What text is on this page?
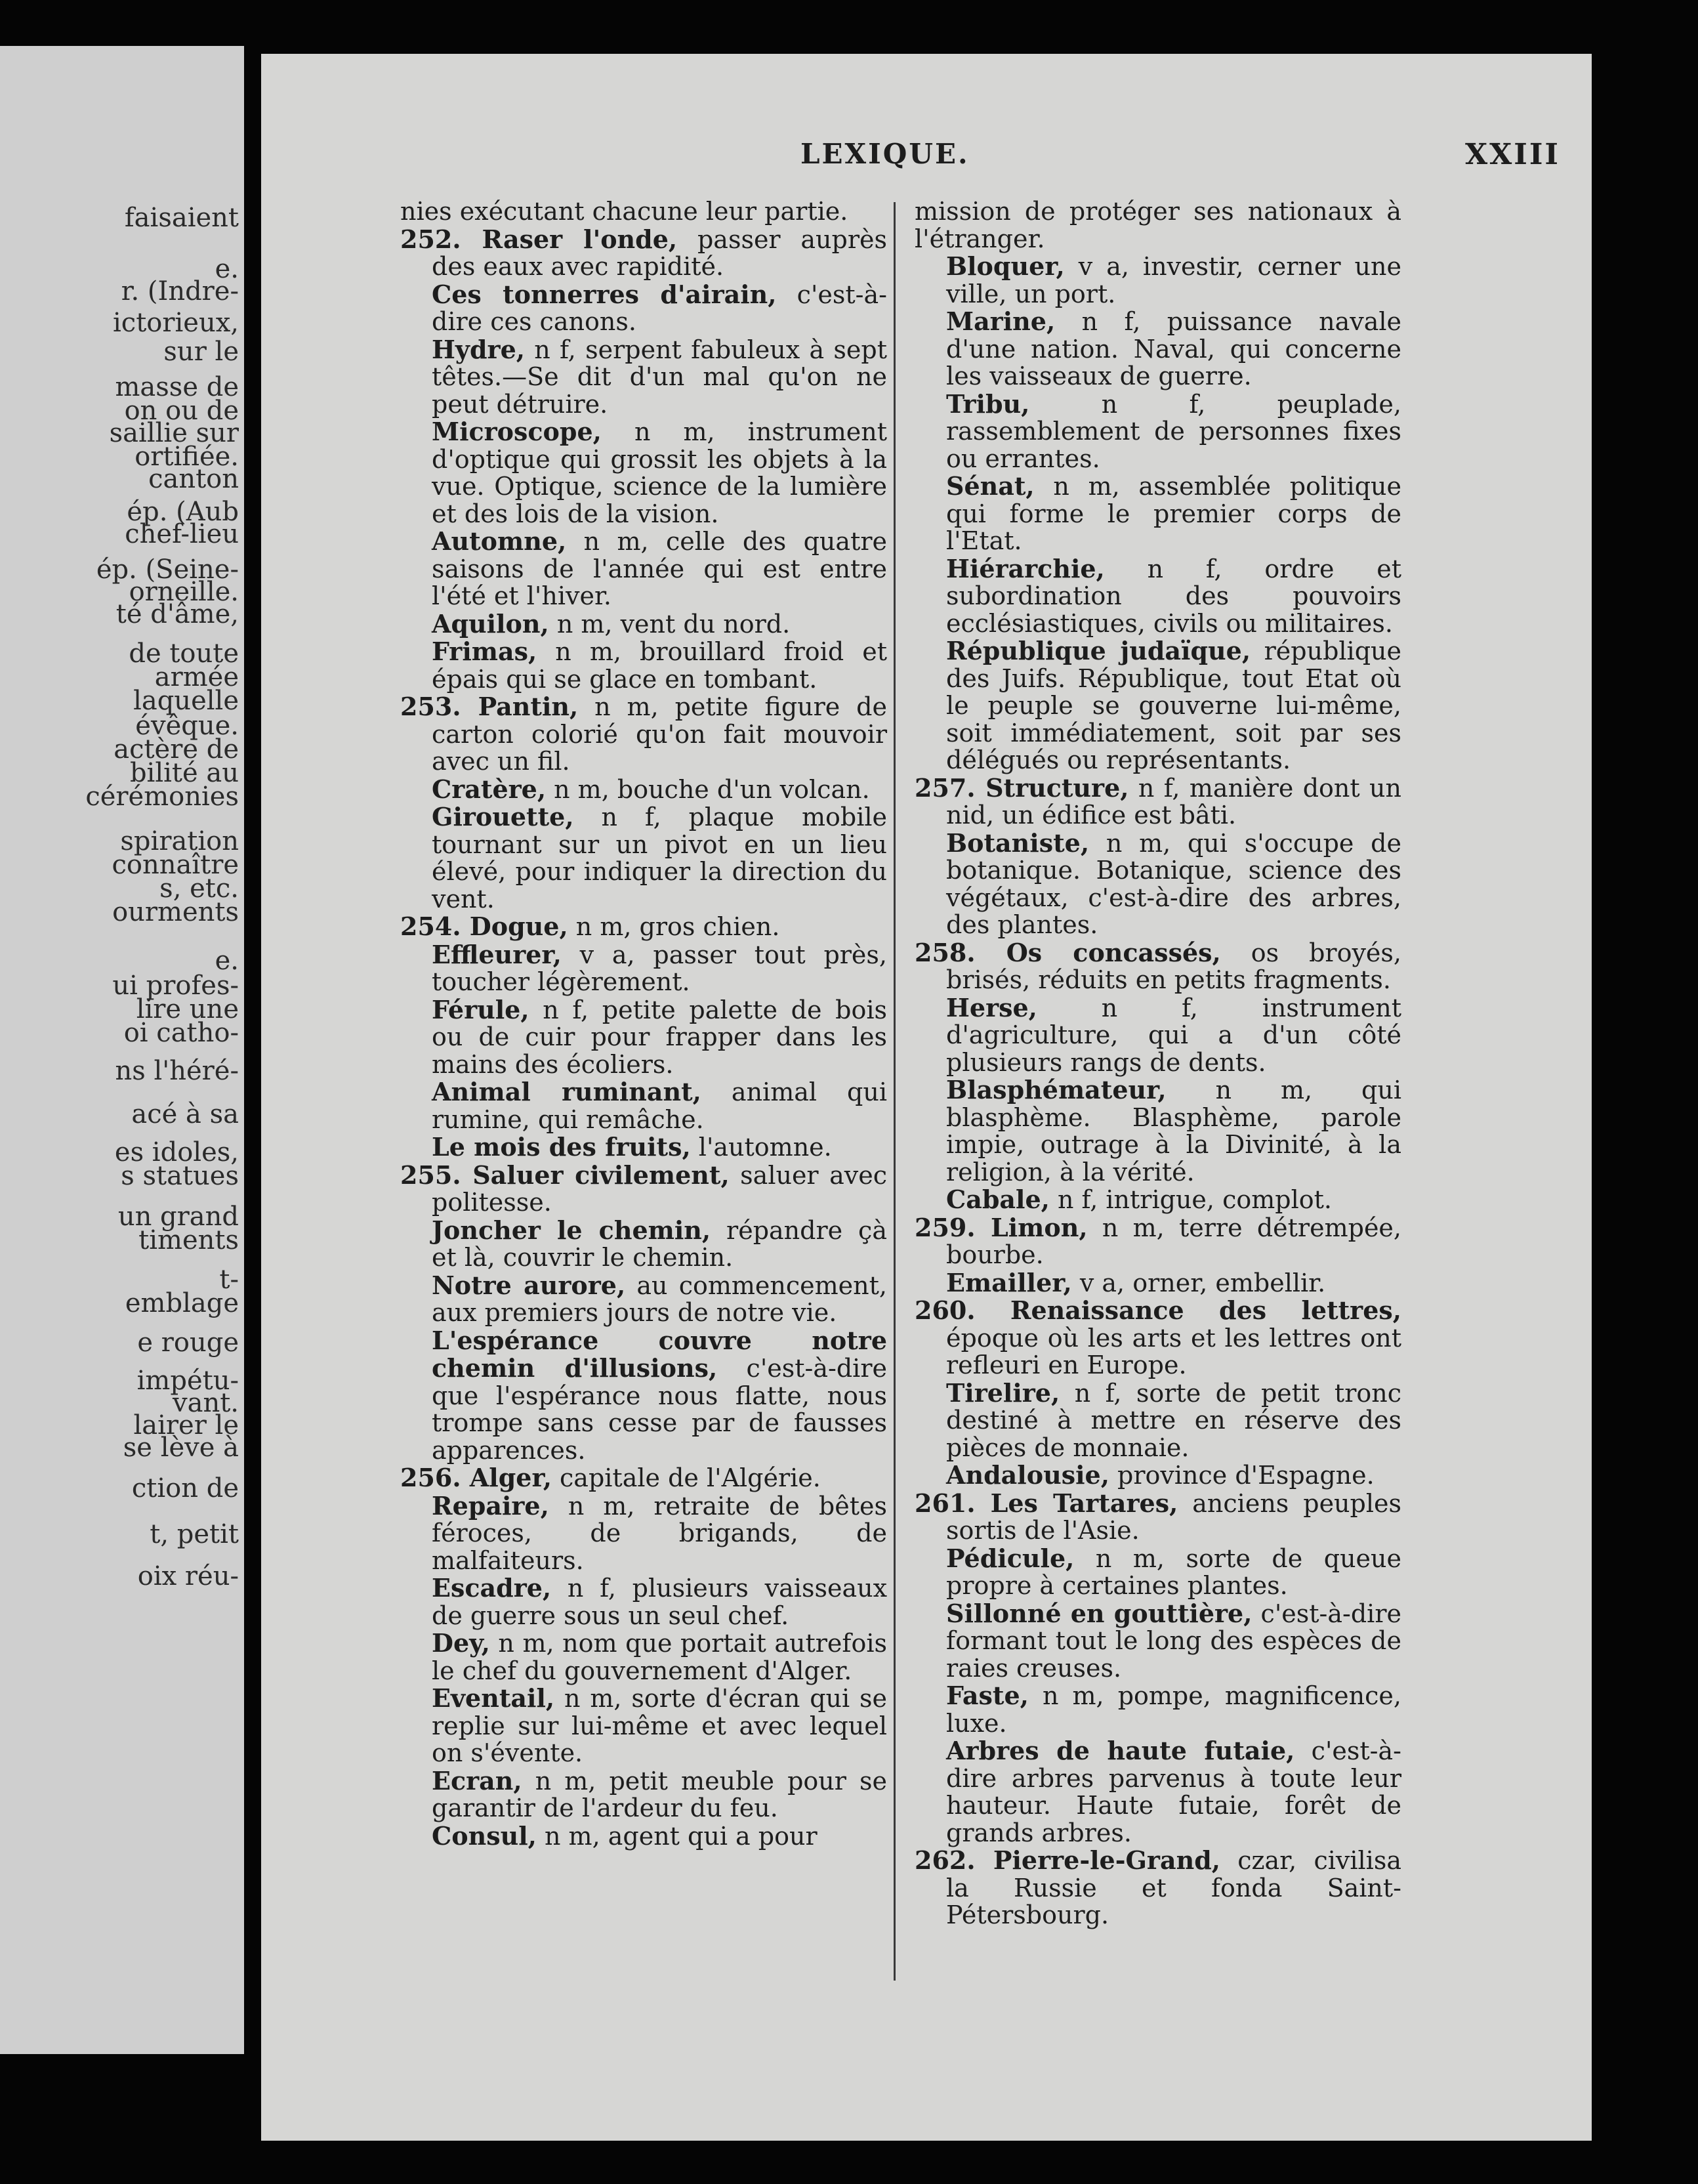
faisaient
e.
r. (Indre-
ictorieux,
sur le
masse de
on ou de
saillie sur
ortifiée.
canton
ép. (Aub
chef-lieu
ép. (Seine-
orneille.
té d'âme,
de toute
armée
laquelle
évêque.
actère de
bilité au
cérémonies
spiration
connaître
s, etc.
ourments
e.
ui profes-
lire une
oi catho-
ns l'héré-
acé à sa
es idoles,
s statues
un grand
timents
t-
emblage
e rouge
impétu-
vant.
lairer le
se lève à
ction de
t, petit
oix réu-
LEXIQUE.	XXIII

nies exécutant chacune leur partie.

252. Raser l'onde, passer auprès des eaux avec rapidité.

Ces tonnerres d'airain, c'est-à-dire ces canons.

Hydre, n f, serpent fabuleux à sept têtes.—Se dit d'un mal qu'on ne peut détruire.

Microscope, n m, instrument d'optique qui grossit les objets à la vue. Optique, science de la lumière et des lois de la vision.

Automne, n m, celle des quatre saisons de l'année qui est entre l'été et l'hiver.

Aquilon, n m, vent du nord.

Frimas, n m, brouillard froid et épais qui se glace en tombant.

253. Pantin, n m, petite figure de carton colorié qu'on fait mouvoir avec un fil.

Cratère, n m, bouche d'un volcan.

Girouette, n f, plaque mobile tournant sur un pivot en un lieu élevé, pour indiquer la direction du vent.

254. Dogue, n m, gros chien.

Effleurer, v a, passer tout près, toucher légèrement.

Férule, n f, petite palette de bois ou de cuir pour frapper dans les mains des écoliers.

Animal ruminant, animal qui rumine, qui remâche.

Le mois des fruits, l'automne.

255. Saluer civilement, saluer avec politesse.

Joncher le chemin, répandre çà et là, couvrir le chemin.

Notre aurore, au commencement, aux premiers jours de notre vie.

L'espérance couvre notre chemin d'illusions, c'est-à-dire que l'espérance nous flatte, nous trompe sans cesse par de fausses apparences.

256. Alger, capitale de l'Algérie.

Repaire, n m, retraite de bêtes féroces, de brigands, de malfaiteurs.

Escadre, n f, plusieurs vaisseaux de guerre sous un seul chef.

Dey, n m, nom que portait autrefois le chef du gouvernement d'Alger.

Eventail, n m, sorte d'écran qui se replie sur lui-même et avec lequel on s'évente.

Ecran, n m, petit meuble pour se garantir de l'ardeur du feu.

Consul, n m, agent qui a pour

mission de protéger ses nationaux à l'étranger.

Bloquer, v a, investir, cerner une ville, un port.

Marine, n f, puissance navale d'une nation. Naval, qui concerne les vaisseaux de guerre.

Tribu, n f, peuplade, rassemblement de personnes fixes ou errantes.

Sénat, n m, assemblée politique qui forme le premier corps de l'Etat.

Hiérarchie, n f, ordre et subordination des pouvoirs ecclésiastiques, civils ou militaires.

République judaïque, république des Juifs. République, tout Etat où le peuple se gouverne lui-même, soit immédiatement, soit par ses délégués ou représentants.

257. Structure, n f, manière dont un nid, un édifice est bâti.

Botaniste, n m, qui s'occupe de botanique. Botanique, science des végétaux, c'est-à-dire des arbres, des plantes.

258. Os concassés, os broyés, brisés, réduits en petits fragments.

Herse, n f, instrument d'agriculture, qui a d'un côté plusieurs rangs de dents.

Blasphémateur, n m, qui blasphème. Blasphème, parole impie, outrage à la Divinité, à la religion, à la vérité.

Cabale, n f, intrigue, complot.

259. Limon, n m, terre détrempée, bourbe.

Emailler, v a, orner, embellir.

260. Renaissance des lettres, époque où les arts et les lettres ont refleuri en Europe.

Tirelire, n f, sorte de petit tronc destiné à mettre en réserve des pièces de monnaie.

Andalousie, province d'Espagne.

261. Les Tartares, anciens peuples sortis de l'Asie.

Pédicule, n m, sorte de queue propre à certaines plantes.

Sillonné en gouttière, c'est-à-dire formant tout le long des espèces de raies creuses.

Faste, n m, pompe, magnificence, luxe.

Arbres de haute futaie, c'est-à-dire arbres parvenus à toute leur hauteur. Haute futaie, forêt de grands arbres.

262. Pierre-le-Grand, czar, civilisa la Russie et fonda Saint-Pétersbourg.
